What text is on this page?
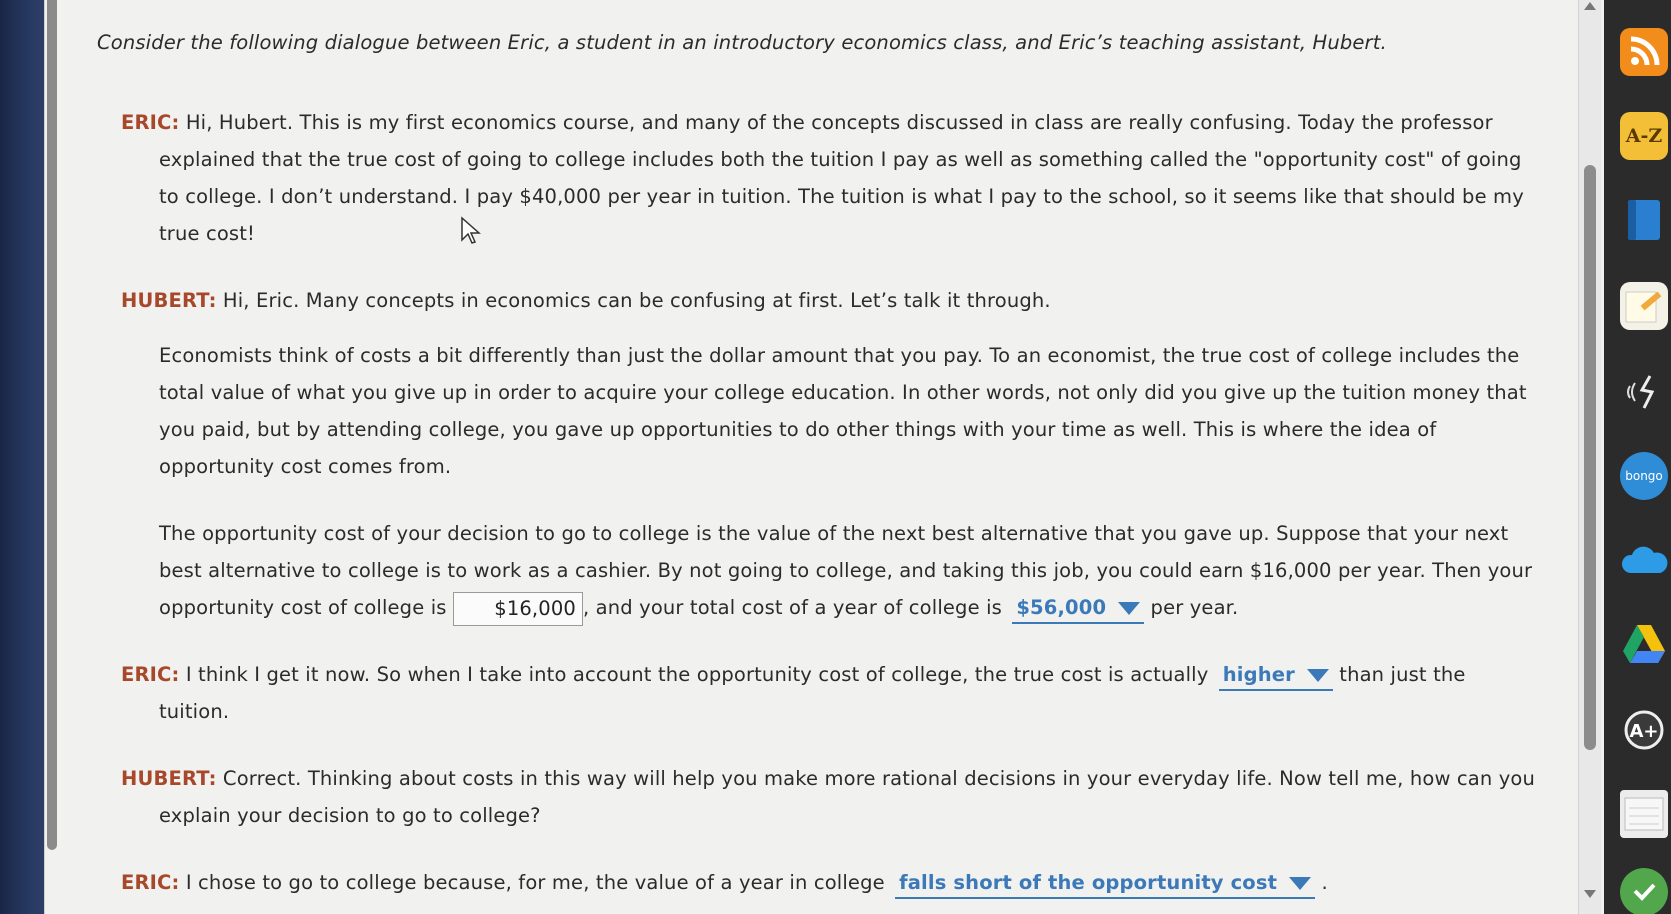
Consider the following dialogue between Eric, a student in an introductory economics class, and Eric’s teaching assistant, Hubert.
ERIC: Hi, Hubert. This is my first economics course, and many of the concepts discussed in class are really confusing. Today the professor explained that the true cost of going to college includes both the tuition I pay as well as something called the "opportunity cost" of going to college. I don’t understand. I pay $40,000 per year in tuition. The tuition is what I pay to the school, so it seems like that should be my true cost!
HUBERT: Hi, Eric. Many concepts in economics can be confusing at first. Let’s talk it through.
Economists think of costs a bit differently than just the dollar amount that you pay. To an economist, the true cost of college includes the total value of what you give up in order to acquire your college education. In other words, not only did you give up the tuition money that you paid, but by attending college, you gave up opportunities to do other things with your time as well. This is where the idea of opportunity cost comes from.
The opportunity cost of your decision to go to college is the value of the next best alternative that you gave up. Suppose that your next best alternative to college is to work as a cashier. By not going to college, and taking this job, you could earn $16,000 per year. Then your opportunity cost of college is $16,000 , and your total cost of a year of college is $56,000 per year.
ERIC: I think I get it now. So when I take into account the opportunity cost of college, the true cost is actually higher than just the tuition.
HUBERT: Correct. Thinking about costs in this way will help you make more rational decisions in your everyday life. Now tell me, how can you explain your decision to go to college?
ERIC: I chose to go to college because, for me, the value of a year in college falls short of the opportunity cost .
A-Z
bongo
A+
